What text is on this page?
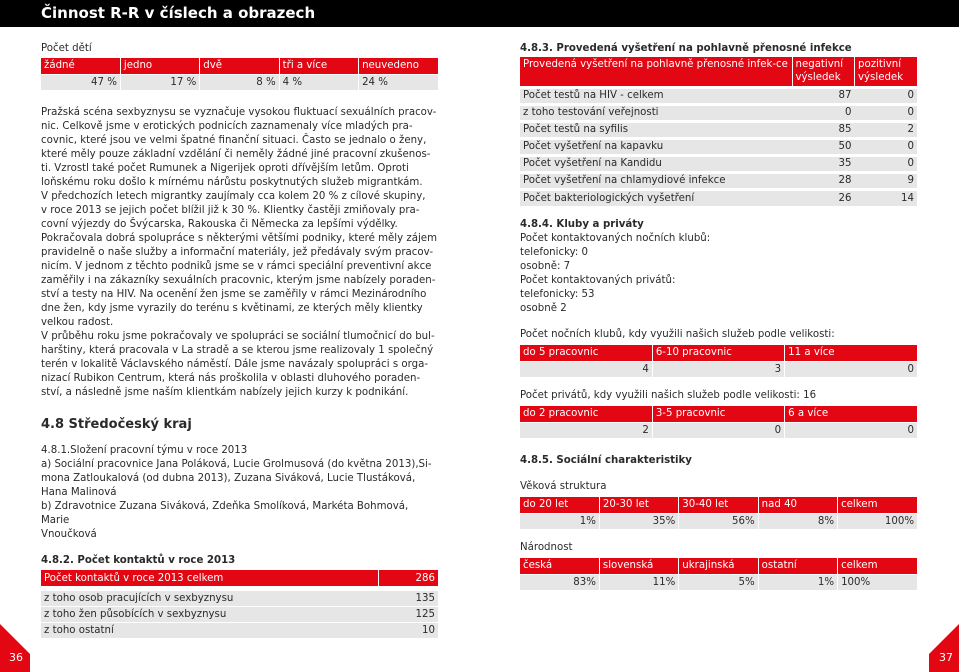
Činnost R-R v číslech a obrazech
Počet dětí
žádné	jedno	dvě	tři a více	neuvedeno
47 %	17 %	8 %	4 %	24 %
Pražská scéna sexbyznysu se vyznačuje vysokou fluktuací sexuálních pracov-
nic. Celkově jsme v erotických podnicích zaznamenaly více mladých pra-
covnic, které jsou ve velmi špatné finanční situaci. Často se jednalo o ženy,
které měly pouze základní vzdělání či neměly žádné jiné pracovní zkušenos-
ti. Vzrostl také počet Rumunek a Nigerijek oproti dřívějším letům. Oproti
loňskému roku došlo k mírnému nárůstu poskytnutých služeb migrantkám.
V předchozích letech migrantky zaujímaly cca kolem 20 % z cílové skupiny,
v roce 2013 se jejich počet blížil již k 30 %. Klientky častěji zmiňovaly pra-
covní výjezdy do Švýcarska, Rakouska či Německa za lepšími výdělky.
Pokračovala dobrá spolupráce s některými většími podniky, které měly zájem
pravidelně o naše služby a informační materiály, jež předávaly svým pracov-
nicím. V jednom z těchto podniků jsme se v rámci speciální preventivní akce
zaměřily i na zákazníky sexuálních pracovnic, kterým jsme nabízely poraden-
ství a testy na HIV. Na ocenění žen jsme se zaměřily v rámci Mezinárodního
dne žen, kdy jsme vyrazily do terénu s květinami, ze kterých měly klientky
velkou radost.
V průběhu roku jsme pokračovaly ve spolupráci se sociální tlumočnicí do bul-
harštiny, která pracovala v La stradě a se kterou jsme realizovaly 1 společný
terén v lokalitě Václavského náměstí. Dále jsme navázaly spolupráci s orga-
nizací Rubikon Centrum, která nás proškolila v oblasti dluhového poraden-
ství, a následně jsme naším klientkám nabízely jejich kurzy k podnikání.
4.8 Středočeský kraj
4.8.1.Složení pracovní týmu v roce 2013
a) Sociální pracovnice Jana Poláková, Lucie Grolmusová (do května 2013),Si-
mona Zatloukalová (od dubna 2013), Zuzana Siváková, Lucie Tlustáková,
Hana Malinová
b) Zdravotnice Zuzana Siváková, Zdeňka Smolíková, Markéta Bohmová, Marie
Vnoučková
4.8.2. Počet kontaktů v roce 2013
Počet kontaktů v roce 2013 celkem	286

z toho osob pracujících v sexbyznysu	135
z toho žen působících v sexbyznysu	125
z toho ostatní	10
4.8.3. Provedená vyšetření na pohlavně přenosné infekce
Provedená vyšetření na pohlavně přenosné infek-ce	negativní výsledek	pozitivní výsledek
Počet testů na HIV - celkem	87	0
z toho testování veřejnosti	0	0
Počet testů na syfilis	85	2
Počet vyšetření na kapavku	50	0
Počet vyšetření na Kandidu	35	0
Počet vyšetření na chlamydiové infekce	28	9
Počet bakteriologických vyšetření	26	14
4.8.4. Kluby a priváty
Počet kontaktovaných nočních klubů:
telefonicky: 0
osobně: 7
Počet kontaktovaných privátů:
telefonicky: 53
osobně 2
Počet nočních klubů, kdy využili našich služeb podle velikosti:
do 5 pracovnic	6-10 pracovnic	11 a více
4	3	0
Počet privátů, kdy využili našich služeb podle velikosti: 16
do 2 pracovnic	3-5 pracovnic	6 a více
2	0	0
4.8.5. Sociální charakteristiky
Věková struktura
do 20 let	20-30 let	30-40 let	nad 40	celkem
1%	35%	56%	8%	100%
Národnost
česká	slovenská	ukrajinská	ostatní	celkem
83%	11%	5%	1%	100%
36	37
